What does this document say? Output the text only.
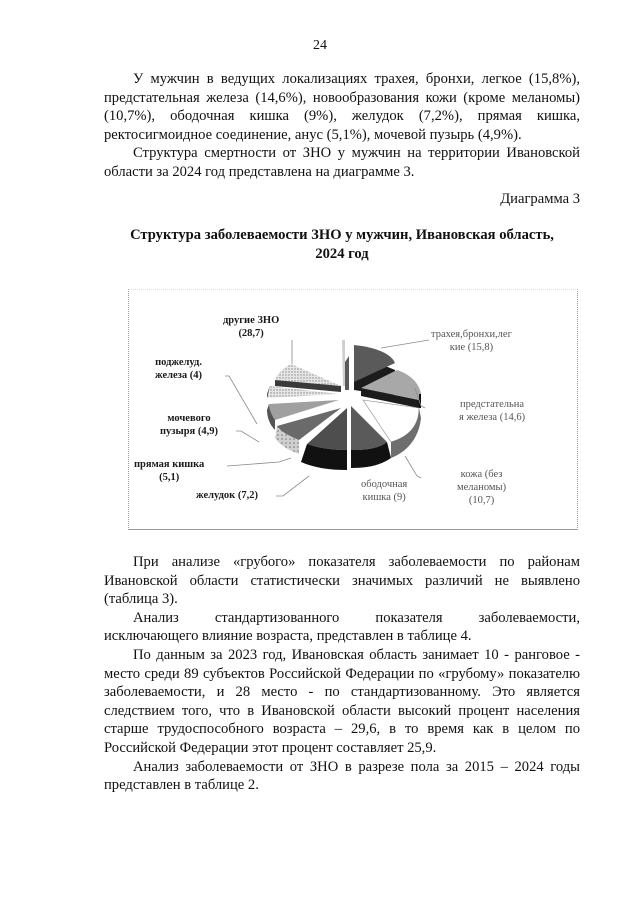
24

У мужчин в ведущих локализациях трахея, бронхи, легкое (15,8%), предстательная железа (14,6%), новообразования кожи (кроме меланомы) (10,7%), ободочная кишка (9%), желудок (7,2%), прямая кишка, ректосигмоидное соединение, анус (5,1%), мочевой пузырь (4,9%).

Структура смертности от ЗНО у мужчин на территории Ивановской области за 2024 год представлена на диаграмме 3.

Диаграмма 3
Структура заболеваемости ЗНО у мужчин, Ивановская область,
2024 год
другие ЗНО
(28,7)
поджелуд.
железа (4)
мочевого
пузыря (4,9)
прямая кишка
(5,1)
желудок (7,2)
трахея,бронхи,лег
кие (15,8)
предстательна
я железа (14,6)
кожа (без
меланомы)
(10,7)
ободочная
кишка (9)

При анализе «грубого» показателя заболеваемости по районам Ивановской области статистически значимых различий не выявлено (таблица 3).

Анализ стандартизованного показателя заболеваемости, исключающего влияние возраста, представлен в таблице 4.

По данным за 2023 год, Ивановская область занимает 10 - ранговое - место среди 89 субъектов Российской Федерации по «грубому» показателю заболеваемости, и 28 место - по стандартизованному. Это является следствием того, что в Ивановской области высокий процент населения старше трудоспособного возраста – 29,6, в то время как в целом по Российской Федерации этот процент составляет 25,9.

Анализ заболеваемости от ЗНО в разрезе пола за 2015 – 2024 годы представлен в таблице 2.
